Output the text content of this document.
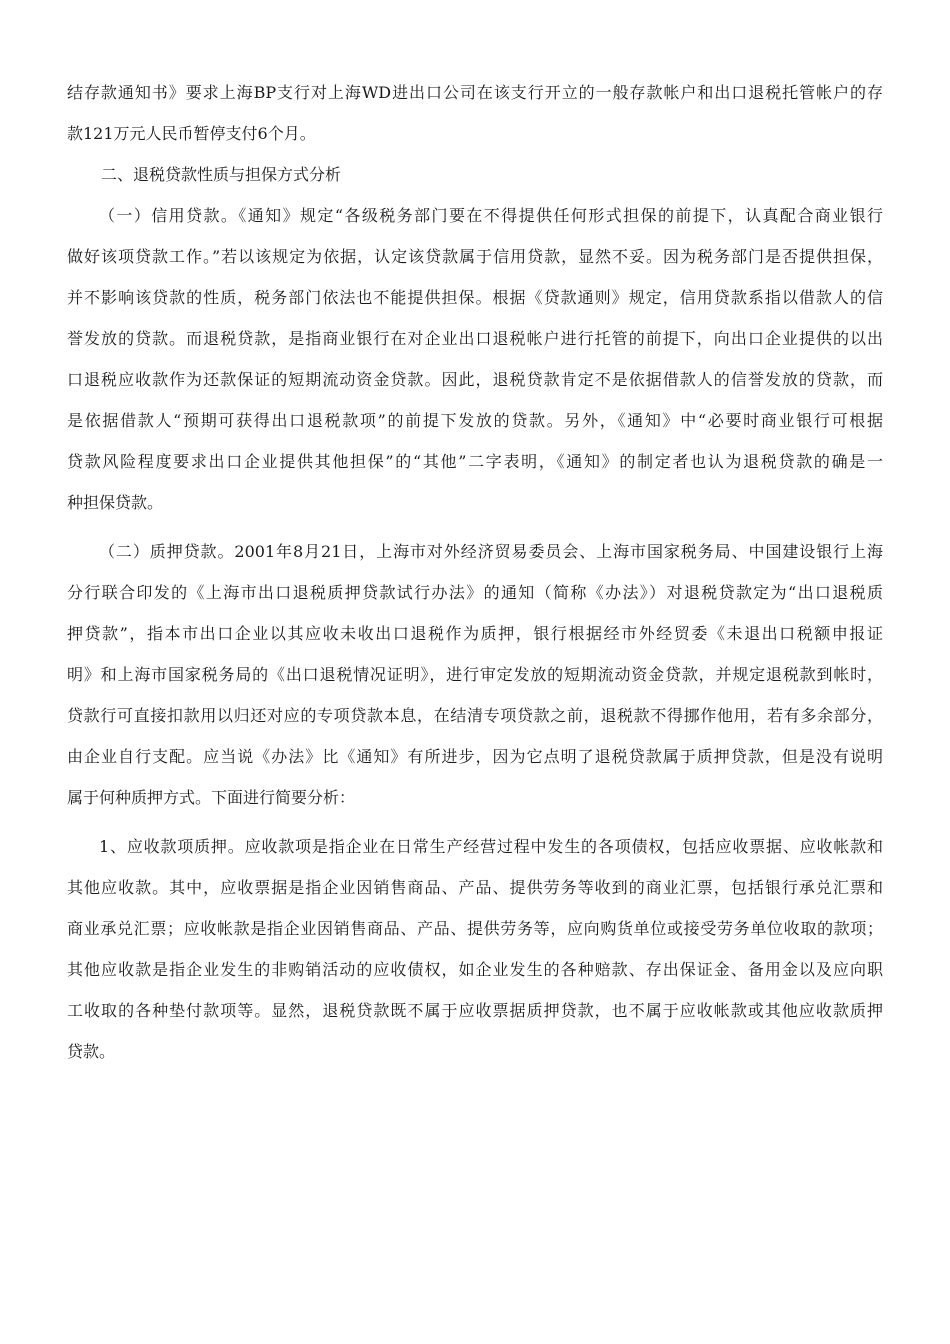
结存款通知书》要求上海BP支行对上海WD进出口公司在该支行开立的一般存款帐户和出口退税托管帐户的存
款121万元人民币暂停支付6个月。
二、退税贷款性质与担保方式分析
（一）信用贷款。《通知》规定“各级税务部门要在不得提供任何形式担保的前提下，认真配合商业银行
做好该项贷款工作。”若以该规定为依据，认定该贷款属于信用贷款，显然不妥。因为税务部门是否提供担保，
并不影响该贷款的性质，税务部门依法也不能提供担保。根据《贷款通则》规定，信用贷款系指以借款人的信
誉发放的贷款。而退税贷款，是指商业银行在对企业出口退税帐户进行托管的前提下，向出口企业提供的以出
口退税应收款作为还款保证的短期流动资金贷款。因此，退税贷款肯定不是依据借款人的信誉发放的贷款，而
是依据借款人“预期可获得出口退税款项”的前提下发放的贷款。另外，《通知》中“必要时商业银行可根据
贷款风险程度要求出口企业提供其他担保”的“其他”二字表明，《通知》的制定者也认为退税贷款的确是一
种担保贷款。
（二）质押贷款。2001年8月21日，上海市对外经济贸易委员会、上海市国家税务局、中国建设银行上海
分行联合印发的《上海市出口退税质押贷款试行办法》的通知（简称《办法》）对退税贷款定为“出口退税质
押贷款”，指本市出口企业以其应收未收出口退税作为质押，银行根据经市外经贸委《未退出口税额申报证
明》和上海市国家税务局的《出口退税情况证明》，进行审定发放的短期流动资金贷款，并规定退税款到帐时，
贷款行可直接扣款用以归还对应的专项贷款本息，在结清专项贷款之前，退税款不得挪作他用，若有多余部分，
由企业自行支配。应当说《办法》比《通知》有所进步，因为它点明了退税贷款属于质押贷款，但是没有说明
属于何种质押方式。下面进行简要分析：
1、应收款项质押。应收款项是指企业在日常生产经营过程中发生的各项债权，包括应收票据、应收帐款和
其他应收款。其中，应收票据是指企业因销售商品、产品、提供劳务等收到的商业汇票，包括银行承兑汇票和
商业承兑汇票；应收帐款是指企业因销售商品、产品、提供劳务等，应向购货单位或接受劳务单位收取的款项；
其他应收款是指企业发生的非购销活动的应收债权，如企业发生的各种赔款、存出保证金、备用金以及应向职
工收取的各种垫付款项等。显然，退税贷款既不属于应收票据质押贷款，也不属于应收帐款或其他应收款质押
贷款。
